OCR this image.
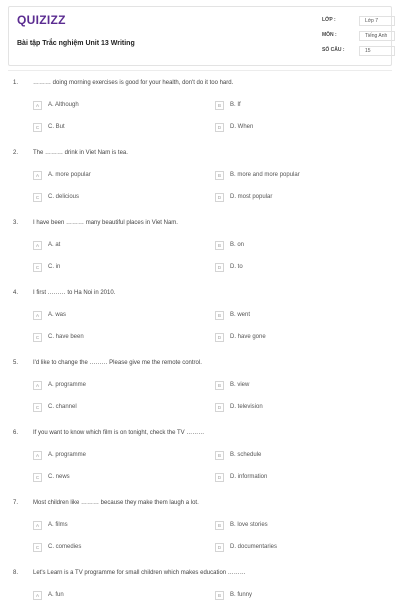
QUIZIZZ
Bài tập Trắc nghiệm Unit 13 Writing
LỚP :	Lớp 7
MÔN :	Tiếng Anh
SỐ CÂU :	15
1. ……… doing morning exercises is good for your health, don't do it too hard.
A	A. Although	B	B. If
C	C. But	D	D. When
2. The ……… drink in Viet Nam is tea.
A	A. more popular	B	B. more and more popular
C	C. delicious	D	D. most popular
3. I have been ……… many beautiful places in Viet Nam.
A	A. at	B	B. on
C	C. in	D	D. to
4. I first ……… to Ha Noi in 2010.
A	A. was	B	B. went
C	C. have been	D	D. have gone
5. I'd like to change the ……… Please give me the remote control.
A	A. programme	B	B. view
C	C. channel	D	D. television
6. If you want to know which film is on tonight, check the TV ………
A	A. programme	B	B. schedule
C	C. news	D	D. information
7. Most children like ……… because they make them laugh a lot.
A	A. films	B	B. love stories
C	C. comedies	D	D. documentaries
8. Let's Learn is a TV programme for small children which makes education ………
A	A. fun	B	B. funny
